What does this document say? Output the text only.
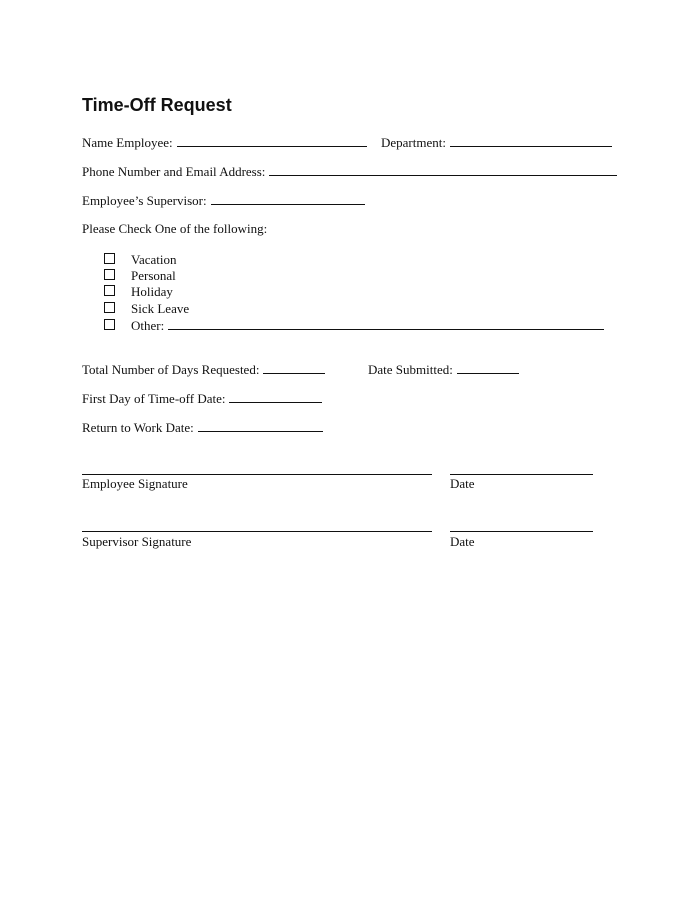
Time-Off Request
Name Employee:	Department:
Phone Number and Email Address:
Employee’s Supervisor:
Please Check One of the following:
Vacation
Personal
Holiday
Sick Leave
Other:
Total Number of Days Requested:	Date Submitted:
First Day of Time-off Date:
Return to Work Date:
Employee Signature	Date
Supervisor Signature	Date
